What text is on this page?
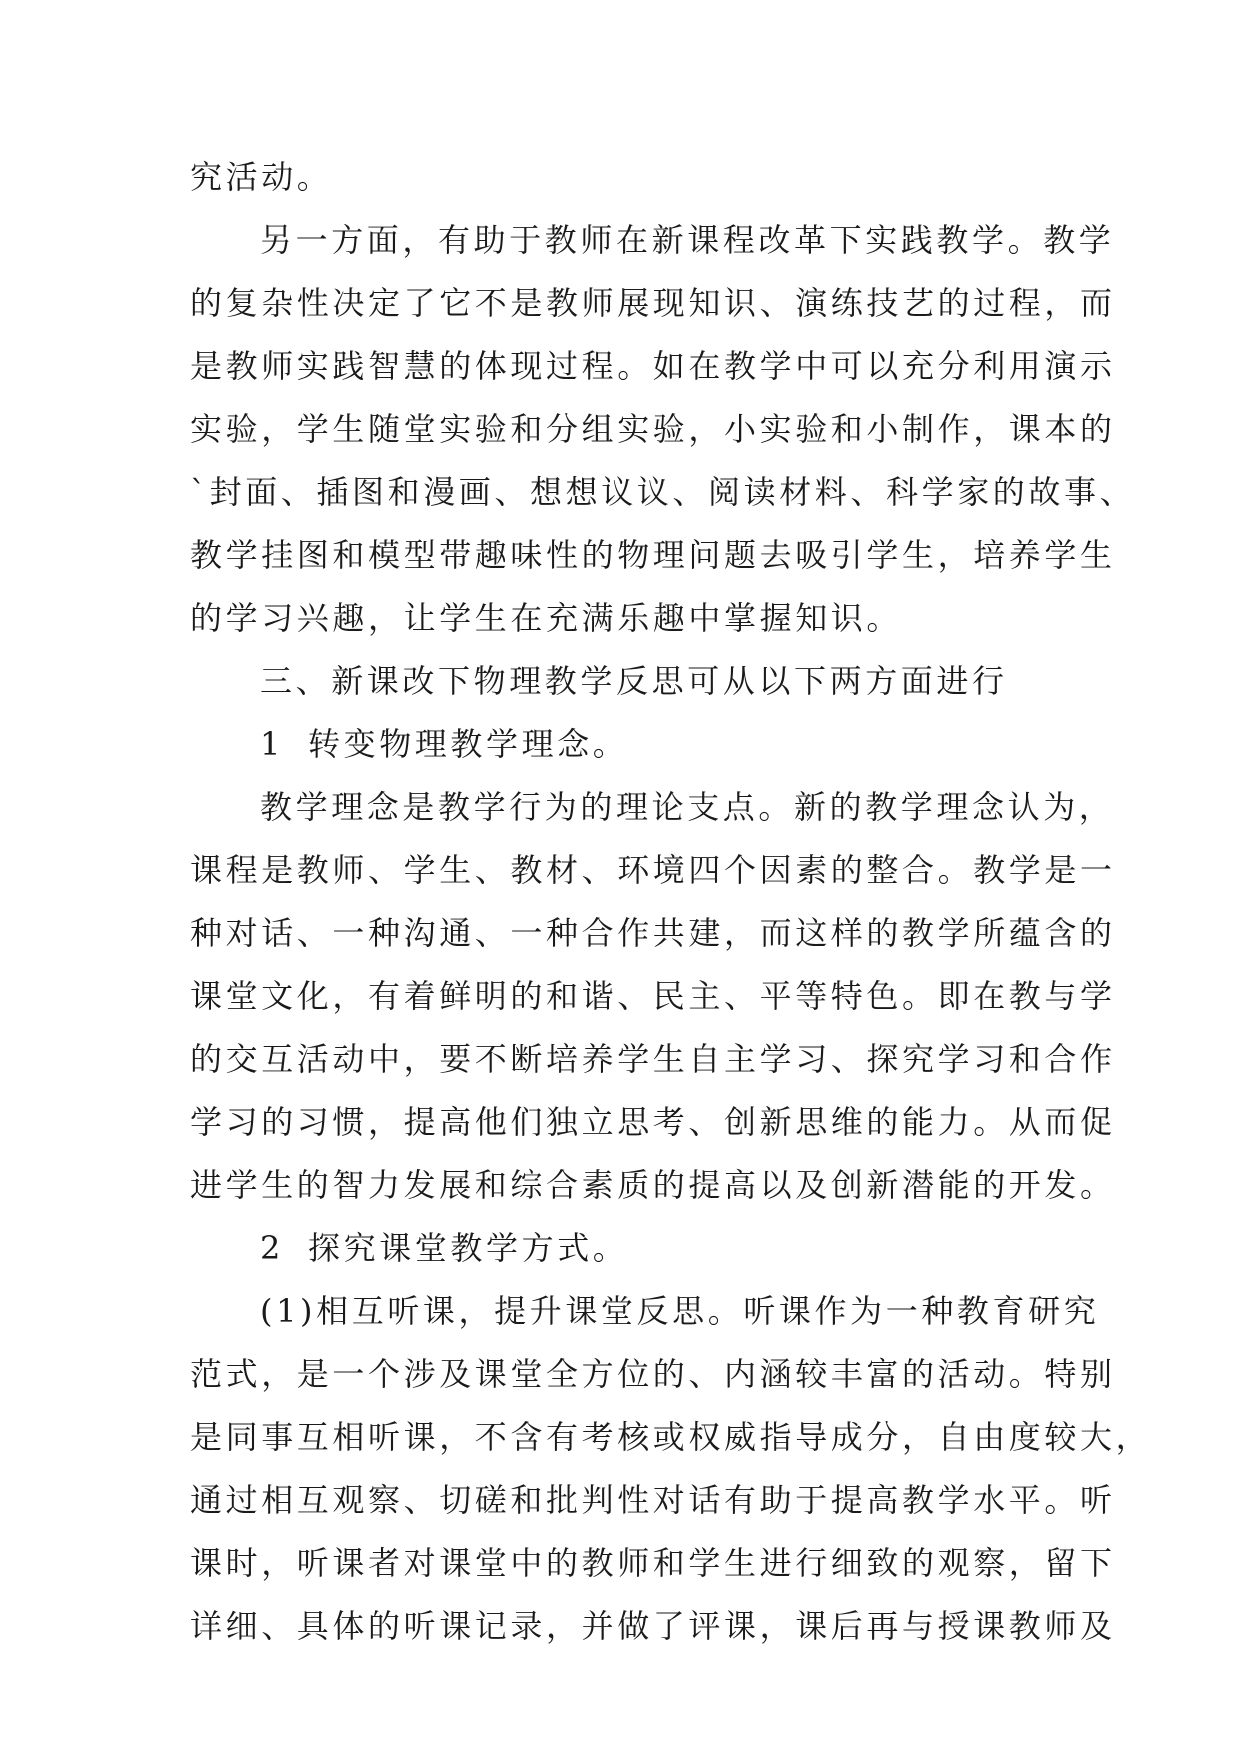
究活动。
另一方面，有助于教师在新课程改革下实践教学。教学
的复杂性决定了它不是教师展现知识、演练技艺的过程，而
是教师实践智慧的体现过程。如在教学中可以充分利用演示
实验，学生随堂实验和分组实验，小实验和小制作，课本的
`封面、插图和漫画、想想议议、阅读材料、科学家的故事、
教学挂图和模型带趣味性的物理问题去吸引学生，培养学生
的学习兴趣，让学生在充满乐趣中掌握知识。
三、新课改下物理教学反思可从以下两方面进行
1 转变物理教学理念。
教学理念是教学行为的理论支点。新的教学理念认为，
课程是教师、学生、教材、环境四个因素的整合。教学是一
种对话、一种沟通、一种合作共建，而这样的教学所蕴含的
课堂文化，有着鲜明的和谐、民主、平等特色。即在教与学
的交互活动中，要不断培养学生自主学习、探究学习和合作
学习的习惯，提高他们独立思考、创新思维的能力。从而促
进学生的智力发展和综合素质的提高以及创新潜能的开发。
2 探究课堂教学方式。
(1)相互听课，提升课堂反思。听课作为一种教育研究
范式，是一个涉及课堂全方位的、内涵较丰富的活动。特别
是同事互相听课，不含有考核或权威指导成分，自由度较大，
通过相互观察、切磋和批判性对话有助于提高教学水平。听
课时，听课者对课堂中的教师和学生进行细致的观察，留下
详细、具体的听课记录，并做了评课，课后再与授课教师及
